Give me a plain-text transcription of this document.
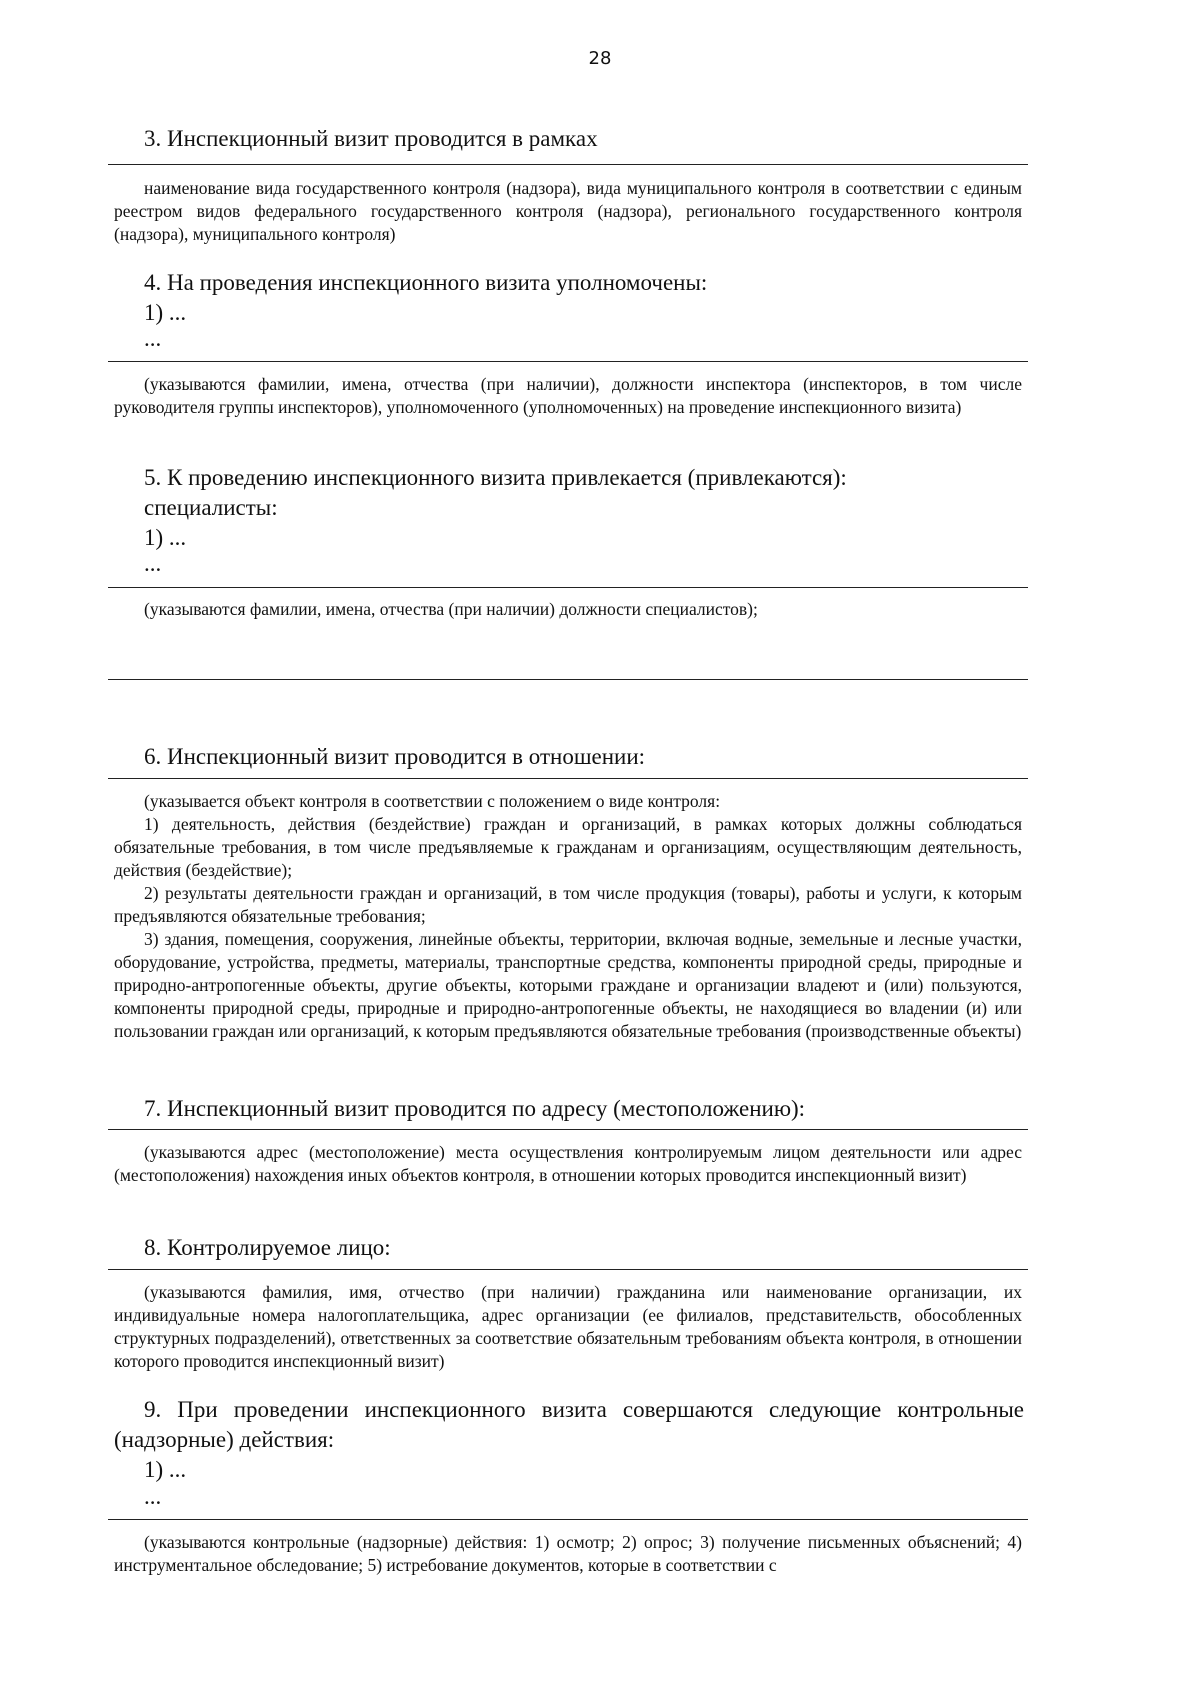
28

3. Инспекционный визит проводится в рамках

наименование вида государственного контроля (надзора), вида муниципального контроля в соответствии с единым реестром видов федерального государственного контроля (надзора), регионального государственного контроля (надзора), муниципального контроля)

4. На проведения инспекционного визита уполномочены:

1) ...

...

(указываются фамилии, имена, отчества (при наличии), должности инспектора (инспекторов, в том числе руководителя группы инспекторов), уполномоченного (уполномоченных) на проведение инспекционного визита)

5. К проведению инспекционного визита привлекается (привлекаются):

специалисты:

1) ...

...

(указываются фамилии, имена, отчества (при наличии) должности специалистов);

6. Инспекционный визит проводится в отношении:

(указывается объект контроля в соответствии с положением о виде контроля:

1) деятельность, действия (бездействие) граждан и организаций, в рамках которых должны соблюдаться обязательные требования, в том числе предъявляемые к гражданам и организациям, осуществляющим деятельность, действия (бездействие);

2) результаты деятельности граждан и организаций, в том числе продукция (товары), работы и услуги, к которым предъявляются обязательные требования;

3) здания, помещения, сооружения, линейные объекты, территории, включая водные, земельные и лесные участки, оборудование, устройства, предметы, материалы, транспортные средства, компоненты природной среды, природные и природно-антропогенные объекты, другие объекты, которыми граждане и организации владеют и (или) пользуются, компоненты природной среды, природные и природно-антропогенные объекты, не находящиеся во владении (и) или пользовании граждан или организаций, к которым предъявляются обязательные требования (производственные объекты)

7. Инспекционный визит проводится по адресу (местоположению):

(указываются адрес (местоположение) места осуществления контролируемым лицом деятельности или адрес (местоположения) нахождения иных объектов контроля, в отношении которых проводится инспекционный визит)

8. Контролируемое лицо:

(указываются фамилия, имя, отчество (при наличии) гражданина или наименование организации, их индивидуальные номера налогоплательщика, адрес организации (ее филиалов, представительств, обособленных структурных подразделений), ответственных за соответствие обязательным требованиям объекта контроля, в отношении которого проводится инспекционный визит)

9. При проведении инспекционного визита совершаются следующие контрольные (надзорные) действия:

1) ...

...

(указываются контрольные (надзорные) действия: 1) осмотр; 2) опрос; 3) получение письменных объяснений; 4) инструментальное обследование; 5) истребование документов, которые в соответствии с
